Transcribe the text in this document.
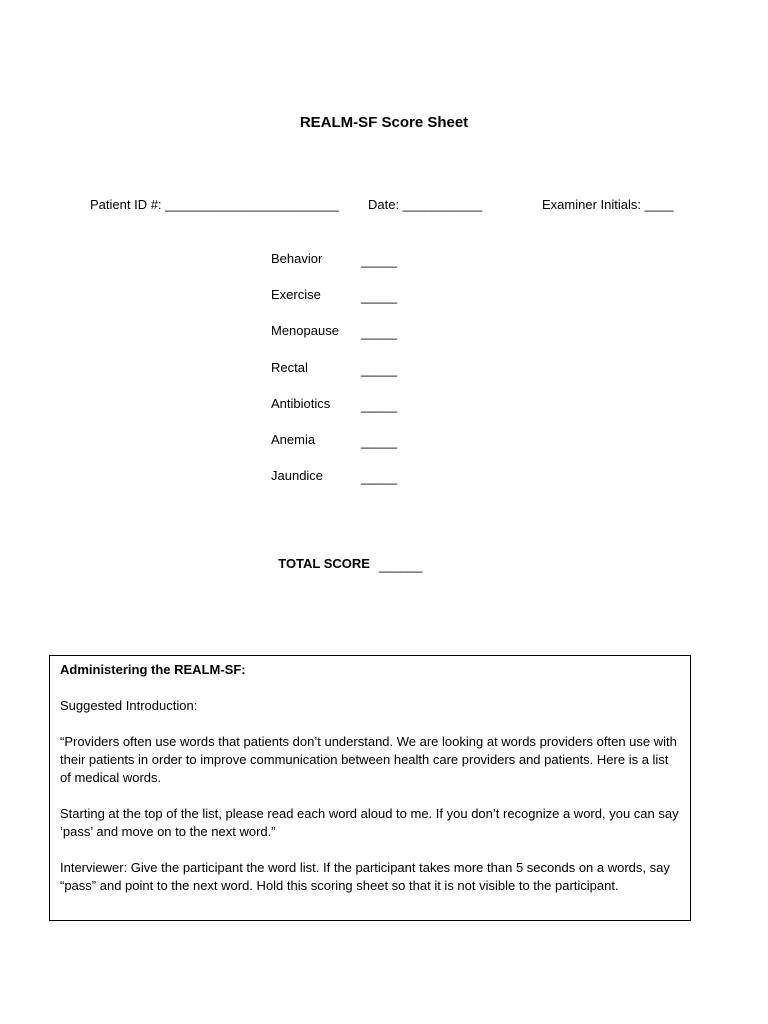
REALM-SF Score Sheet
Patient ID #: ________________________ Date: ___________	Examiner Initials: ____
Behavior	_____
Exercise	_____
Menopause	_____
Rectal	_____
Antibiotics	_____
Anemia	_____
Jaundice	_____

TOTAL SCORE ______

Administering the REALM-SF:

Suggested Introduction:

“Providers often use words that patients don’t understand. We are looking at words providers often use with their patients in order to improve communication between health care providers and patients. Here is a list of medical words.

Starting at the top of the list, please read each word aloud to me. If you don’t recognize a word, you can say ‘pass’ and move on to the next word.”

Interviewer: Give the participant the word list. If the participant takes more than 5 seconds on a words, say “pass” and point to the next word. Hold this scoring sheet so that it is not visible to the participant.
